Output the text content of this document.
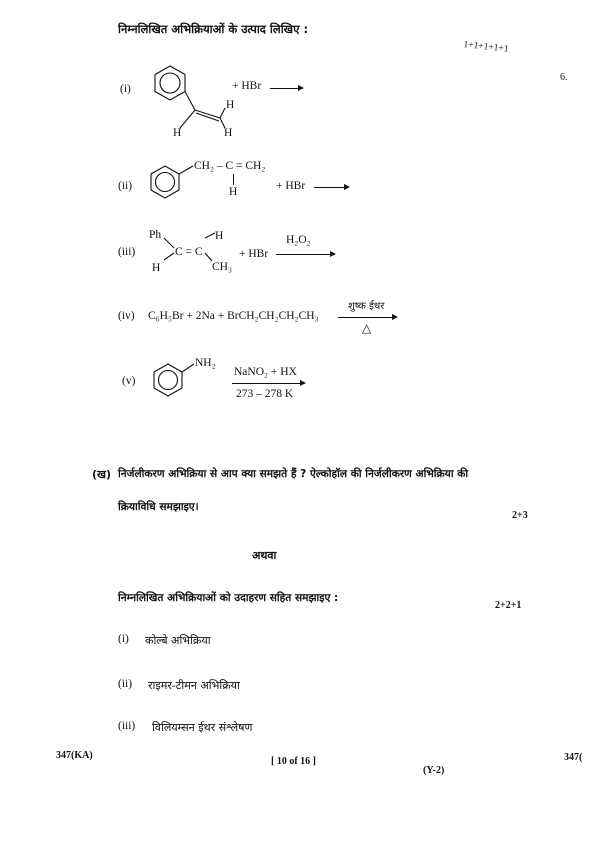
निम्नलिखित अभिक्रियाओं के उत्पाद लिखिए :
1+1+1+1+1
6.
(i)
H
H	H
+ HBr →
(ii)
CH₂ – C = CH₂
H	+ HBr →
(iii)
Ph
H
C = C
H
CH₃
+ HBr
H₂O₂
(iv) C₆H₅Br + 2Na + BrCH₂CH₂CH₂CH₃
शुष्क ईथर
△
(v)
NH₂
NaNO₂ + HX
273 – 278 K
(ख) निर्जलीकरण अभिक्रिया से आप क्या समझते हैं ? ऐल्कोहॉल की निर्जलीकरण अभिक्रिया की
क्रियाविधि समझाइए।
2+3
अथवा
निम्नलिखित अभिक्रियाओं को उदाहरण सहित समझाइए :
2+2+1
(i) कोल्बे अभिक्रिया
(ii) राइमर-टीमन अभिक्रिया
(iii) विलियम्सन ईथर संश्लेषण
347(KA)
[ 10 of 16 ]
(Y-2)
347(
